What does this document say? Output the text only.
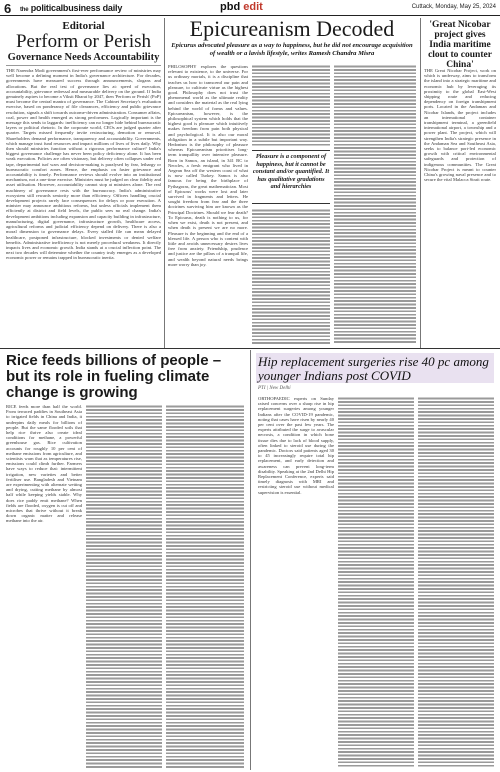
6 the politicalbusiness daily	pbd edit	Cuttack, Monday, May 25, 2024
Editorial
Perform or Perish
Governance Needs Accountability
THE Narendra Modi government's first-ever performance review of ministries may well become a defining moment in India's governance architecture. For decades, governments have measured success through announcements, slogans and allocations. But the real test of governance lies at: speed of execution, accountability, grievance redressal and measurable delivery on the ground. If India genuinely aspires to become a Viksit Bharat by 2047, then 'Perform or Perish' (PoP) must become the central mantra of governance. The Cabinet Secretary's evaluation exercise, based on ponderancy of file clearances, efficiency and public grievance resolution, signals a shift towards outcome-driven administration. Consumer affairs, coal, power and health emerged as strong performers. Logically important is the message this sends to laggards: inefficiency can no longer hide behind bureaucratic layers or political rhetoric. In the corporate world, CEOs are judged quarter after quarter. Targets missed frequently invite restructuring, demotion or removal. Shareholders demand performance, transparency and accountability. Governments, which manage trust fund resources and impact millions of lives of lives daily. Why then should ministries function without a rigorous performance culture? India's biggest governance challenge has never been policy deficiency alone. It has been weak execution. Policies are often visionary, but delivery often collapses under red tape, departmental turf wars and decision-making is paralysed by fear, lethargy or bureaucratic comfort zones. Hence, the emphasis on faster grievance and accountability is timely. Performance reviews should evolve into an institutional mechanism, not a one-time exercise. Ministries must be judged on clear fidelity and asset utilisation. However, accountability cannot stop at ministers alone. The real machinery of governance rests with the bureaucracy. India's administrative ecosystem still rewards seniority more than efficiency. Officers handling crucial development projects rarely face consequences for delays or poor execution. A minister may announce ambitious reforms, but unless officials implement them efficiently at district and field levels, the public sees no real change. India's development ambitions including expansion and capacity building in infrastructure, manufacturing, digital governance, infrastructure growth, healthcare access, agricultural reforms and judicial efficiency depend on delivery. There is also a moral dimension to governance delays. Every stalled file can mean delayed healthcare, postponed infrastructure, blocked investments or denied welfare benefits. Administrative inefficiency is not merely procedural weakness. It directly impacts lives and economic growth. India stands at a crucial inflection point. The next two decades will determine whether the country truly emerges as a developed economic power or remains trapped in bureaucratic inertia.
Epicureanism Decoded
Epicurus advocated pleasure as a way to happiness, but he did not encourage acquisition of wealth or a lavish lifestyle, writes Ramesh Chandra Misra
PHILOSOPHY explores the questions relevant to existence, to the universe. For us ordinary mortals, it is a discipline that teaches us how to transcend our pain and pleasure, to cultivate virtue as the highest good. Philosophy does not trust the phenomenal world as the ultimate reality and considers the material as the real lying behind the world of forms and values. Epicureanism, however, is the philosophical system which holds that the highest good is pleasure which intuitively makes freedom from pain both physical and psychological. It is also our moral obligation in a subtle but important way. Hedonism is the philosophy of pleasure whereas Epicureanism prioritises long-term tranquillity over intensive pleasure. Born in Samos, an island, in 341 BC to Neocles, a fresh emigrant who lived in Aegean Sea off the western coast of what is now called Turkey. Samos is also famous for being the birthplace of Pythagoras, the great mathematician. Most of Epicurus' works were lost and later survived in fragments and letters. He sought freedom from fear and the three doctrines surviving him are known as the Principal Doctrines. Should we fear death? To Epicurus, death is nothing to us, for when we exist, death is not present, and when death is present we are no more. Pleasure is the beginning and the end of a blessed life. A person who is content with little and avoids unnecessary desires lives free from anxiety. Friendship, prudence and justice are the pillars of a tranquil life, and wealth beyond natural needs brings more worry than joy.
Pleasure is a component of happiness, but it cannot be constant and/or quantified. It has qualitative gradations and hierarchies
'Great Nicobar project gives India maritime clout to counter China'
THE Great Nicobar Project, work on which is underway, aims to transform the island into a strategic maritime and economic hub by leveraging its proximity to the global East-West shipping route and reducing dependency on foreign transhipment ports. Located in the Andaman and Nicobar Islands, the project includes an international container transhipment terminal, a greenfield international airport, a township and a power plant. The project, which will strengthen India's strategic presence in the Andaman Sea and Southeast Asia, seeks to balance port-led economic growth with critical environmental safeguards and protection of indigenous communities. The Great Nicobar Project is meant to counter China's growing naval presence and to secure the vital Malacca Strait route.
Rice feeds billions of people – but its role in fueling climate change is growing
RICE feeds more than half the world. From terraced paddies in Southeast Asia to irrigated fields in China and India, it underpins daily meals for billions of people. But the same flooded soils that help rice thrive also create ideal conditions for methane, a powerful greenhouse gas. Rice cultivation accounts for roughly 10 per cent of methane emissions from agriculture, and scientists warn that as temperatures rise, emissions could climb further. Farmers have ways to reduce that: intermittent irrigation, new varieties and better fertiliser use. Bangladesh and Vietnam are experimenting with alternate wetting and drying, cutting methane by almost half while keeping yields stable. Why does rice paddy emit methane? When fields are flooded, oxygen is cut off and microbes that thrive without it break down organic matter and release methane into the air.
Hip replacement surgeries rise 40 pc among younger Indians post COVID
PTI | New Delhi
ORTHOPAEDIC experts on Sunday raised concerns over a sharp rise in hip replacement surgeries among younger Indians after the COVID-19 pandemic, noting that cases have risen by nearly 40 per cent over the past few years. The experts attributed the surge to avascular necrosis, a condition in which bone tissue dies due to lack of blood supply, often linked to steroid use during the pandemic. Doctors said patients aged 30 to 45 increasingly require total hip replacement, and early detection and awareness can prevent long-term disability. Speaking at the 2nd Delhi Hip Replacement Conference, experts said timely diagnosis with MRI and restricting steroid use without medical supervision is essential.
